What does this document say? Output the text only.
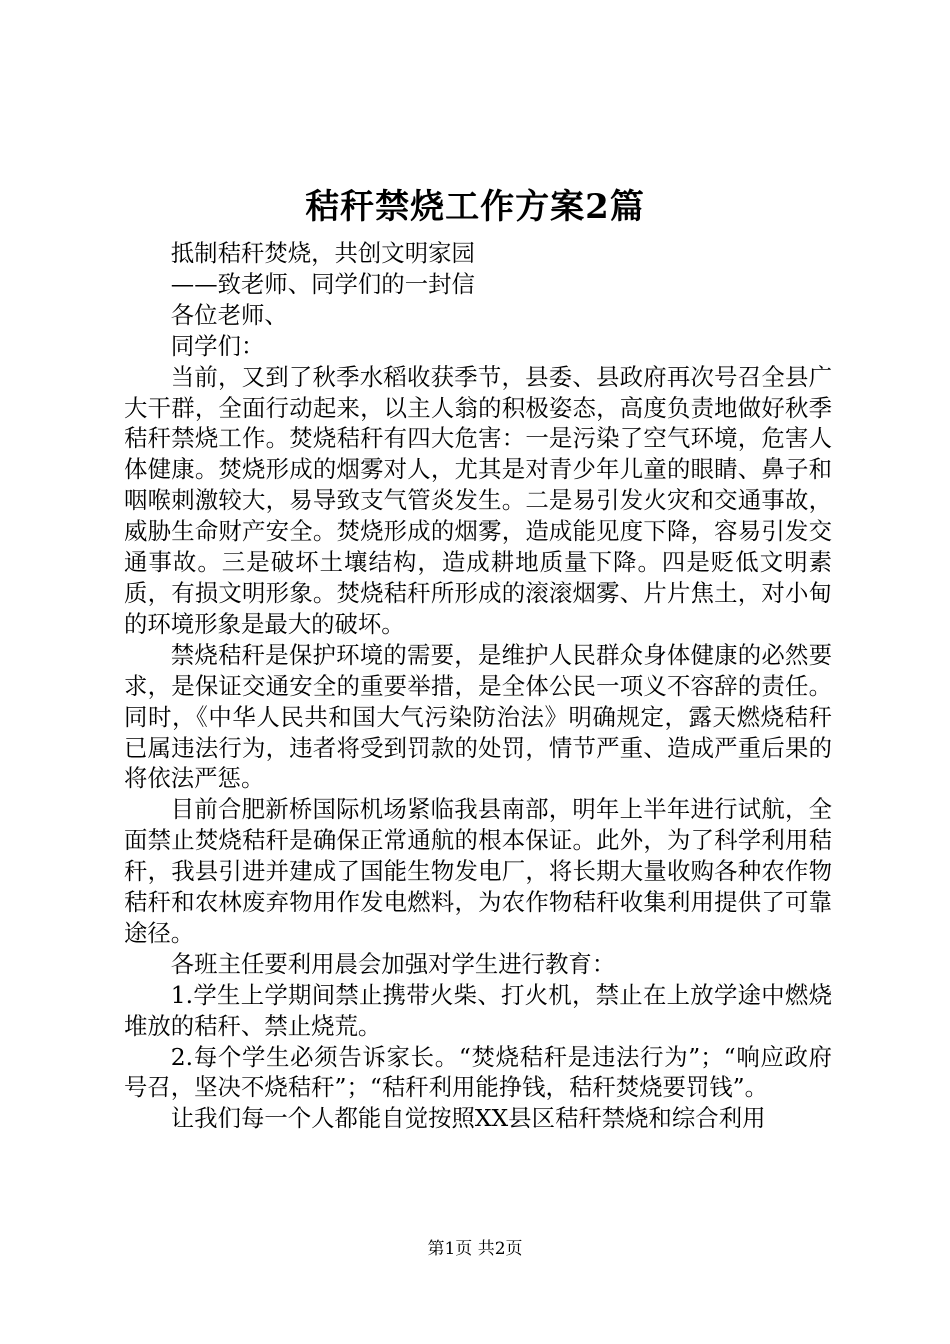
秸秆禁烧工作方案2篇

抵制秸秆焚烧，共创文明家园

——致老师、同学们的一封信

各位老师、

同学们：

当前，又到了秋季水稻收获季节，县委、县政府再次号召全县广大干群，全面行动起来，以主人翁的积极姿态，高度负责地做好秋季秸秆禁烧工作。焚烧秸秆有四大危害：一是污染了空气环境，危害人体健康。焚烧形成的烟雾对人，尤其是对青少年儿童的眼睛、鼻子和咽喉刺激较大，易导致支气管炎发生。二是易引发火灾和交通事故，威胁生命财产安全。焚烧形成的烟雾，造成能见度下降，容易引发交通事故。三是破坏土壤结构，造成耕地质量下降。四是贬低文明素质，有损文明形象。焚烧秸秆所形成的滚滚烟雾、片片焦土，对小甸的环境形象是最大的破坏。

禁烧秸秆是保护环境的需要，是维护人民群众身体健康的必然要求，是保证交通安全的重要举措，是全体公民一项义不容辞的责任。同时，《中华人民共和国大气污染防治法》明确规定，露天燃烧秸秆已属违法行为，违者将受到罚款的处罚，情节严重、造成严重后果的将依法严惩。

目前合肥新桥国际机场紧临我县南部，明年上半年进行试航，全面禁止焚烧秸秆是确保正常通航的根本保证。此外，为了科学利用秸秆，我县引进并建成了国能生物发电厂，将长期大量收购各种农作物秸秆和农林废弃物用作发电燃料，为农作物秸秆收集利用提供了可靠途径。

各班主任要利用晨会加强对学生进行教育：

1.学生上学期间禁止携带火柴、打火机，禁止在上放学途中燃烧堆放的秸秆、禁止烧荒。

2.每个学生必须告诉家长。“焚烧秸秆是违法行为”；“响应政府号召，坚决不烧秸秆”；“秸秆利用能挣钱，秸秆焚烧要罚钱”。

让我们每一个人都能自觉按照XX县区秸秆禁烧和综合利用

第1页 共2页
